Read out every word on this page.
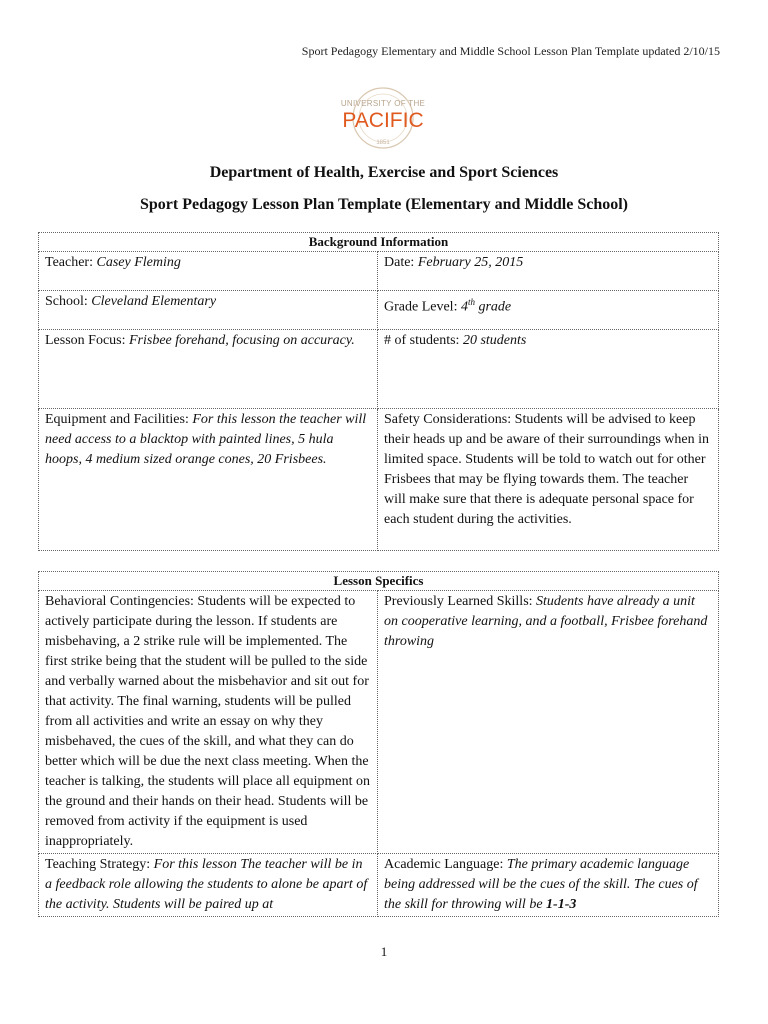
Sport Pedagogy Elementary and Middle School Lesson Plan Template updated 2/10/15
UNIVERSITY OF THE
PACIFIC
1851
Department of Health, Exercise and Sport Sciences
Sport Pedagogy Lesson Plan Template (Elementary and Middle School)
Background Information	
Teacher: Casey Fleming	Date: February 25, 2015
School: Cleveland Elementary	Grade Level: 4th grade
Lesson Focus: Frisbee forehand, focusing on accuracy.	# of students: 20 students
Equipment and Facilities: For this lesson the teacher will need access to a blacktop with painted lines, 5 hula hoops, 4 medium sized orange cones, 20 Frisbees.	Safety Considerations: Students will be advised to keep their heads up and be aware of their surroundings when in limited space. Students will be told to watch out for other Frisbees that may be flying towards them. The teacher will make sure that there is adequate personal space for each student during the activities.
Lesson Specifics	
Behavioral Contingencies: Students will be expected to actively participate during the lesson. If students are misbehaving, a 2 strike rule will be implemented. The first strike being that the student will be pulled to the side and verbally warned about the misbehavior and sit out for that activity. The final warning, students will be pulled from all activities and write an essay on why they misbehaved, the cues of the skill, and what they can do better which will be due the next class meeting. When the teacher is talking, the students will place all equipment on the ground and their hands on their head. Students will be removed from activity if the equipment is used inappropriately.	Previously Learned Skills: Students have already a unit on cooperative learning, and a football, Frisbee forehand throwing

Teaching Strategy: For this lesson The teacher will be in a feedback role allowing the students to alone be apart of the activity. Students will be paired up at	Academic Language: The primary academic language being addressed will be the cues of the skill. The cues of the skill for throwing will be 1-1-3
1
